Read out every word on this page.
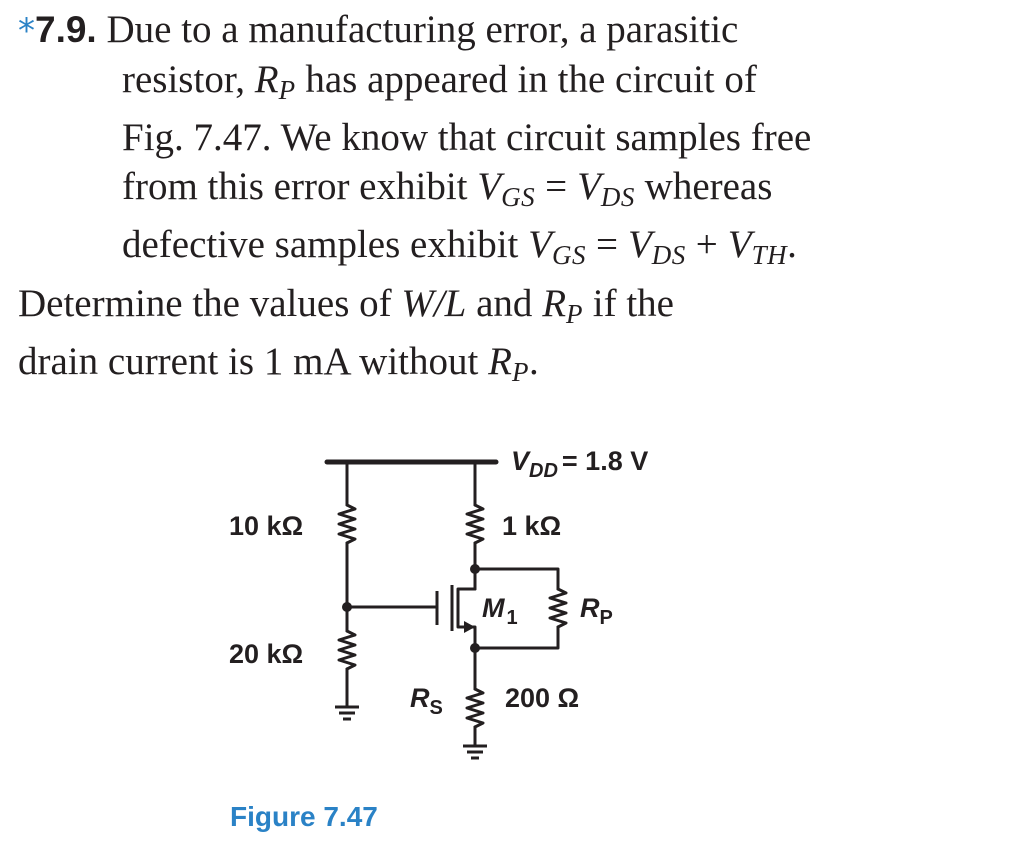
*7.9. Due to a manufacturing error, a parasitic
resistor, $R_P$ has appeared in the circuit of
Fig. 7.47. We know that circuit samples free
from this error exhibit $V_{GS} = V_{DS}$ whereas
defective samples exhibit $V_{GS} = V_{DS} + V_{TH}$.
Determine the values of W/L and $R_P$ if the
drain current is 1 mA without $R_P$.
$V_{DD} = 1.8$ V
10 kΩ
20 kΩ
1 kΩ
M $_1$ $R_P$
$R_S$ 200 Ω
Figure 7.47
